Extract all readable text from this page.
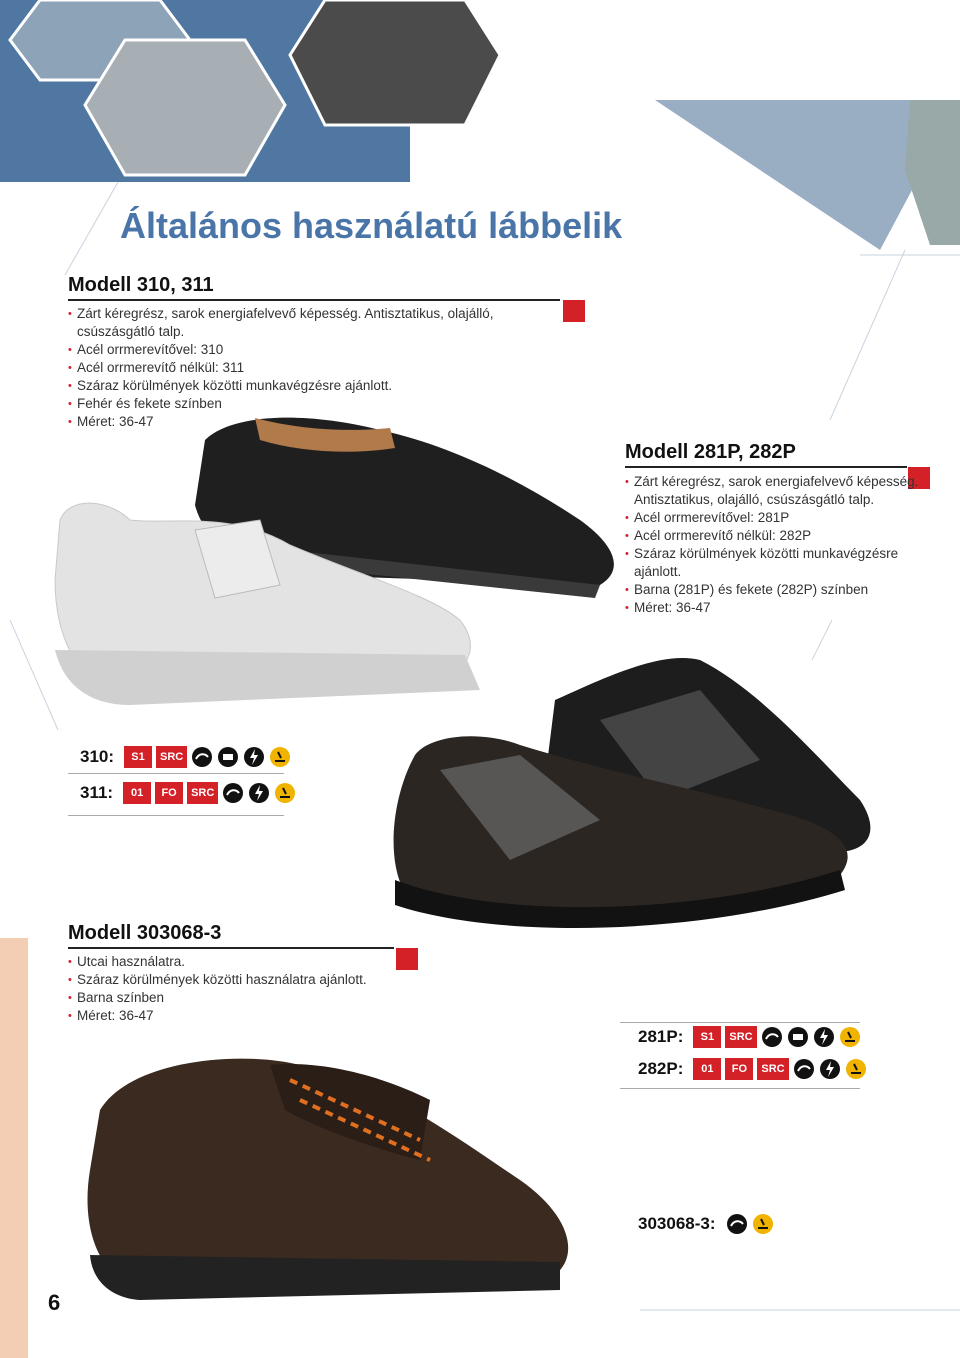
Általános használatú lábbelik
Modell 310, 311
• Zárt kéregrész, sarok energiafelvevő képesség. Antisztatikus, olajálló, csúszásgátló talp.
• Acél orrmerevítővel: 310
• Acél orrmerevítő nélkül: 311
• Száraz körülmények közötti munkavégzésre ajánlott.
• Fehér és fekete színben
• Méret: 36-47
Modell 281P, 282P
• Zárt kéregrész, sarok energiafelvevő képesség. Antisztatikus, olajálló, csúszásgátló talp.
• Acél orrmerevítővel: 281P
• Acél orrmerevítő nélkül: 282P
• Száraz körülmények közötti munkavégzésre ajánlott.
• Barna (281P) és fekete (282P) színben
• Méret: 36-47
310:	S1	SRC
311:	01	FO	SRC
Modell 303068-3
• Utcai használatra.
• Száraz körülmények közötti használatra ajánlott.
• Barna színben
• Méret: 36-47
281P:	S1	SRC
282P:	01	FO	SRC
303068-3:
6
